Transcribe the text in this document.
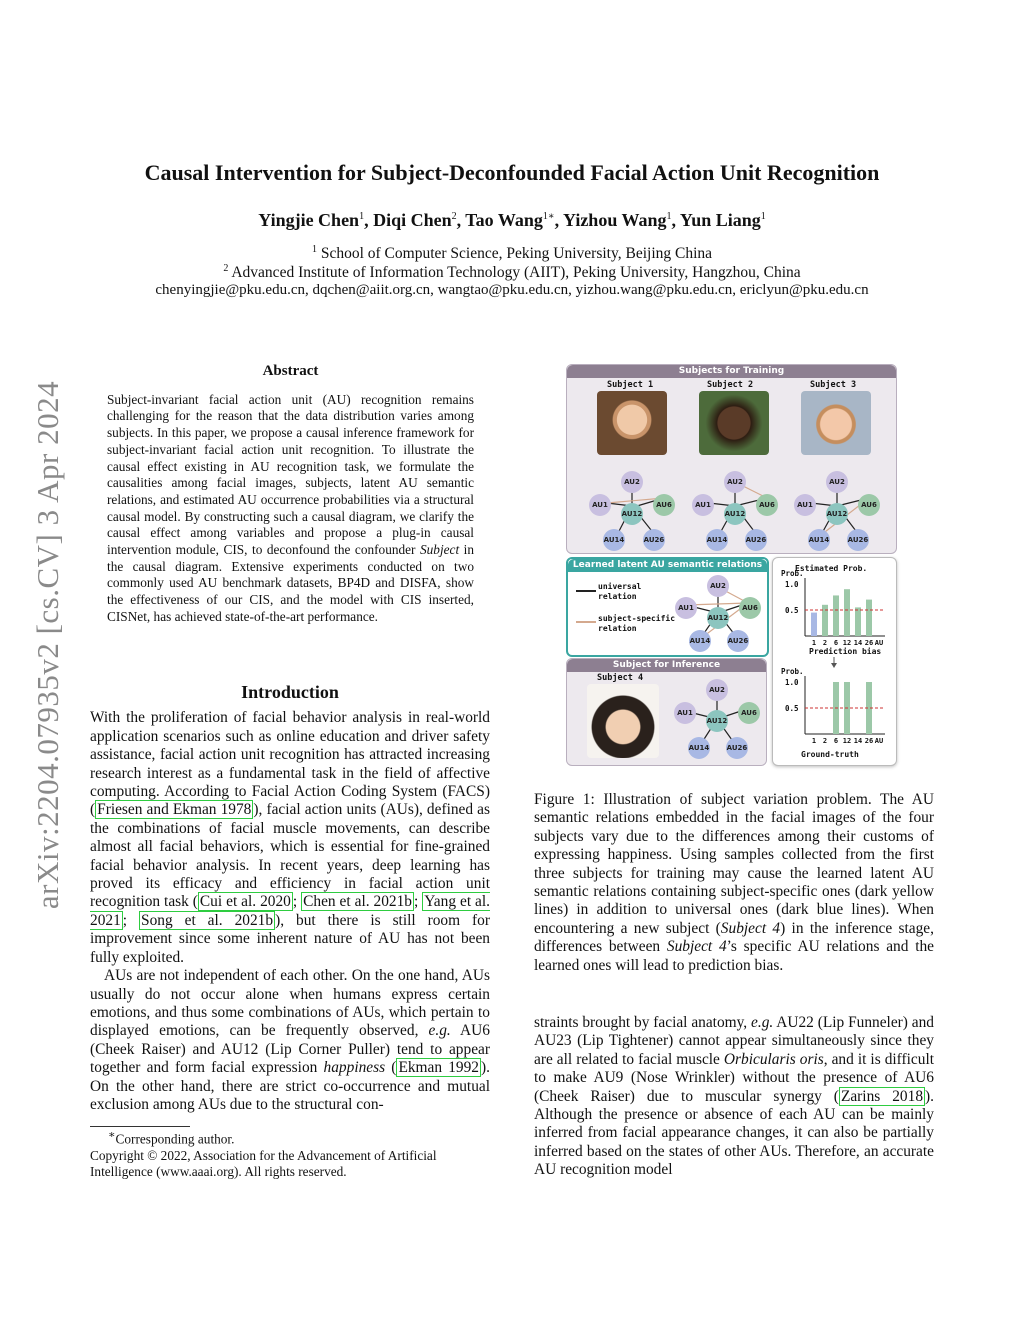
arXiv:2204.07935v2 [cs.CV] 3 Apr 2024
Causal Intervention for Subject-Deconfounded Facial Action Unit Recognition
Yingjie Chen$^1$, Diqi Chen$^2$, Tao Wang$^{1∗}$, Yizhou Wang$^1$, Yun Liang$^1$
$^1$ School of Computer Science, Peking University, Beijing China
$^2$ Advanced Institute of Information Technology (AIIT), Peking University, Hangzhou, China
chenyingjie@pku.edu.cn, dqchen@aiit.org.cn, wangtao@pku.edu.cn, yizhou.wang@pku.edu.cn, ericlyun@pku.edu.cn
Abstract

Subject-invariant facial action unit (AU) recognition remains challenging for the reason that the data distribution varies among subjects. In this paper, we propose a causal inference framework for subject-invariant facial action unit recognition. To illustrate the causal effect existing in AU recognition task, we formulate the causalities among facial images, subjects, latent AU semantic relations, and estimated AU occurrence probabilities via a structural causal model. By constructing such a causal diagram, we clarify the causal effect among variables and propose a plug-in causal intervention module, CIS, to deconfound the confounder Subject in the causal diagram. Extensive experiments conducted on two commonly used AU benchmark datasets, BP4D and DISFA, show the effectiveness of our CIS, and the model with CIS inserted, CISNet, has achieved state-of-the-art performance.

Introduction

With the proliferation of facial behavior analysis in real-world application scenarios such as online education and driver safety assistance, facial action unit recognition has attracted increasing research interest as a fundamental task in the field of affective computing. According to Facial Action Coding System (FACS) ( Friesen and Ekman 1978 ), facial action units (AUs), defined as the combinations of facial muscle movements, can describe almost all facial behaviors, which is essential for fine-grained facial behavior analysis. In recent years, deep learning has proved its efficacy and efficiency in facial action unit recognition task ( Cui et al. 2020 ; Chen et al. 2021b ; Yang et al. 2021 ; Song et al. 2021b ), but there is still room for improvement since some inherent nature of AU has not been fully exploited.

AUs are not independent of each other. On the one hand, AUs usually do not occur alone when humans express certain emotions, and thus some combinations of AUs, which pertain to displayed emotions, can be frequently observed, e.g. AU6 (Cheek Raiser) and AU12 (Lip Corner Puller) tend to appear together and form facial expression happiness ( Ekman 1992 ). On the other hand, there are strict co-occurrence and mutual exclusion among AUs due to the structural con-

∗Corresponding author.
Copyright © 2022, Association for the Advancement of Artificial Intelligence (www.aaai.org). All rights reserved.
Subjects for Training
Subject 1	Subject 2	Subject 3
AU2
AU1	AU6
AU12
AU14	AU26
AU2
AU1	AU6
AU12
AU14	AU26
AU2
AU1	AU6
AU12
AU14	AU26
Learned latent AU semantic relations
universal relation
subject-specific relation
AU2
AU1	AU6
AU12
AU14 AU26
Subject for Inference
Subject 4
AU2
AU1	AU6
AU12
AU14 AU26
Estimated Prob.
Prediction bias
Ground-truth
Prob.
1.0
0.5
1 2 6 12 14 26 AU
Prob.
1.0
0.5
1 2 6 12 14 26 AU

Figure 1: Illustration of subject variation problem. The AU semantic relations embedded in the facial images of the four subjects vary due to the differences among their customs of expressing happiness. Using samples collected from the first three subjects for training may cause the learned latent AU semantic relations containing subject-specific ones (dark yellow lines) in addition to universal ones (dark blue lines). When encountering a new subject (Subject 4) in the inference stage, differences between Subject 4’s specific AU relations and the learned ones will lead to prediction bias.

straints brought by facial anatomy, e.g. AU22 (Lip Funneler) and AU23 (Lip Tightener) cannot appear simultaneously since they are all related to facial muscle Orbicularis oris, and it is difficult to make AU9 (Nose Wrinkler) without the presence of AU6 (Cheek Raiser) due to muscular synergy ( Zarins 2018 ). Although the presence or absence of each AU can be mainly inferred from facial appearance changes, it can also be partially inferred based on the states of other AUs. Therefore, an accurate AU recognition model
